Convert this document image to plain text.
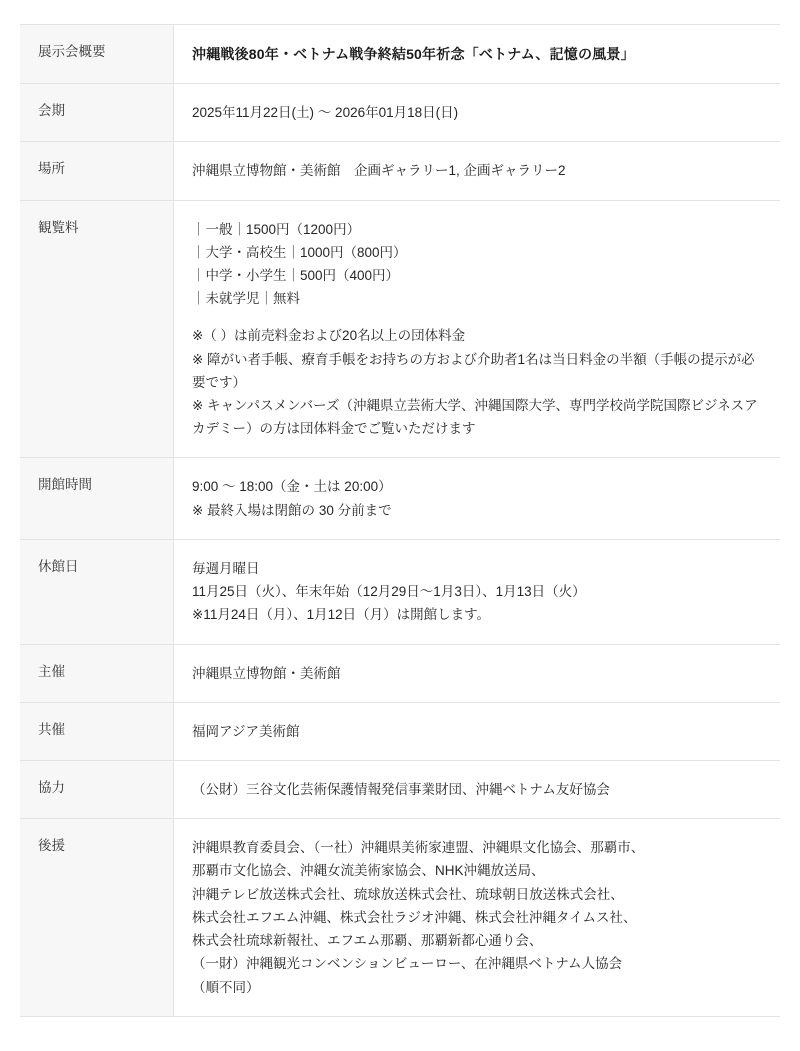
展示会概要	沖縄戦後80年・ベトナム戦争終結50年祈念「ベトナム、記憶の風景」

会期	2025年11月22日(土) 〜 2026年01月18日(日)

場所	沖縄県立博物館・美術館　企画ギャラリー1, 企画ギャラリー2

観覧料	｜一般｜1500円（1200円）
｜大学・高校生｜1000円（800円）
｜中学・小学生｜500円（400円）
｜未就学児｜無料
※（ ）は前売料金および20名以上の団体料金
※ 障がい者手帳、療育手帳をお持ちの方および介助者1名は当日料金の半額（手帳の提示が必要です）
※ キャンパスメンバーズ（沖縄県立芸術大学、沖縄国際大学、専門学校尚学院国際ビジネスアカデミー）の方は団体料金でご覧いただけます

開館時間	9:00 〜 18:00（金・土は 20:00）
※ 最終入場は閉館の 30 分前まで

休館日	毎週月曜日
11月25日（火）、年末年始（12月29日〜1月3日）、1月13日（火）
※11月24日（月）、1月12日（月）は開館します。

主催	沖縄県立博物館・美術館

共催	福岡アジア美術館

協力	（公財）三谷文化芸術保護情報発信事業財団、沖縄ベトナム友好協会

後援	沖縄県教育委員会、（一社）沖縄県美術家連盟、沖縄県文化協会、那覇市、
那覇市文化協会、沖縄女流美術家協会、NHK沖縄放送局、
沖縄テレビ放送株式会社、琉球放送株式会社、琉球朝日放送株式会社、
株式会社エフエム沖縄、株式会社ラジオ沖縄、株式会社沖縄タイムス社、
株式会社琉球新報社、エフエム那覇、那覇新都心通り会、
（一財）沖縄観光コンベンションビューロー、在沖縄県ベトナム人協会
（順不同）
